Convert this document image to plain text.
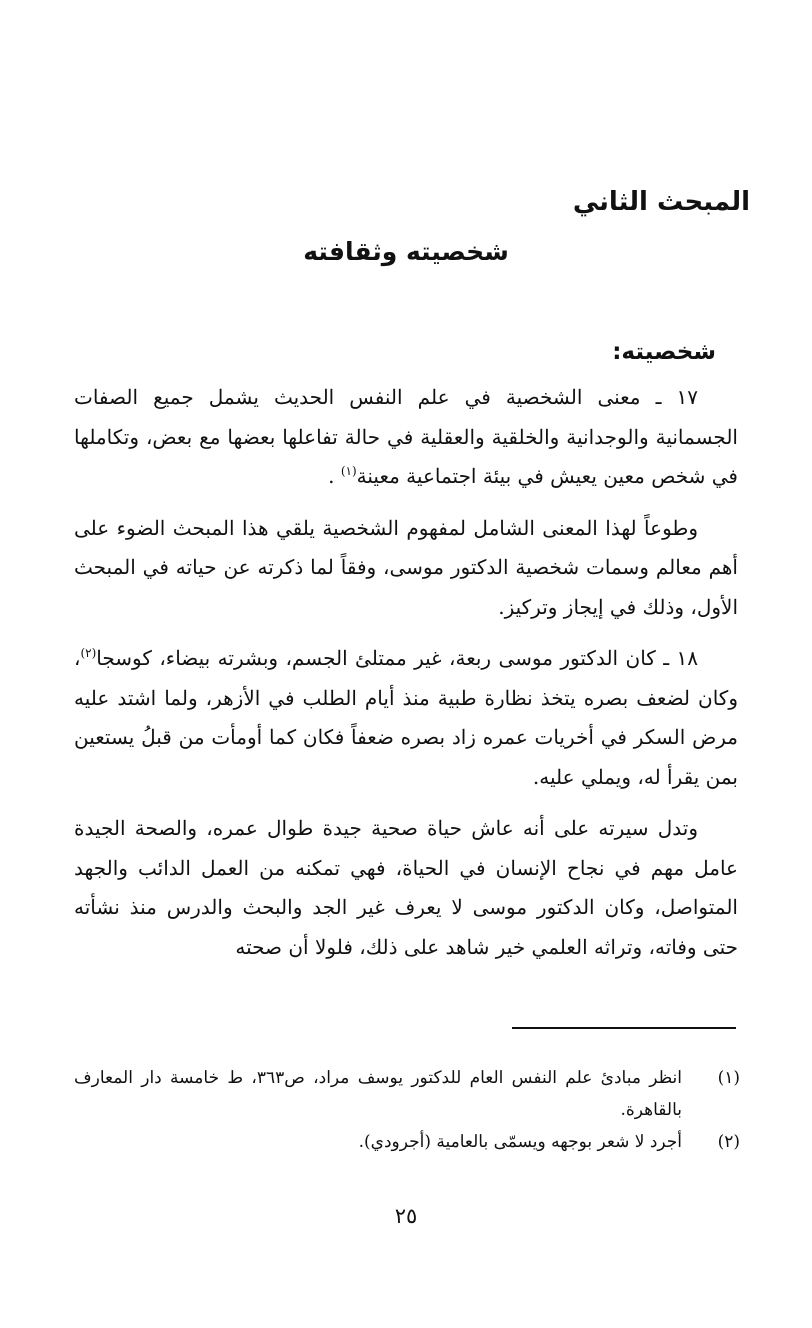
المبحث الثاني
شخصيته وثقافته
شخصيته:

١٧ ـ معنى الشخصية في علم النفس الحديث يشمل جميع الصفات الجسمانية والوجدانية والخلقية والعقلية في حالة تفاعلها بعضها مع بعض، وتكاملها في شخص معين يعيش في بيئة اجتماعية معينة$^{(١)}$ .

وطوعاً لهذا المعنى الشامل لمفهوم الشخصية يلقي هذا المبحث الضوء على أهم معالم وسمات شخصية الدكتور موسى، وفقاً لما ذكرته عن حياته في المبحث الأول، وذلك في إيجاز وتركيز.

١٨ ـ كان الدكتور موسى ربعة، غير ممتلئ الجسم، وبشرته بيضاء، كوسجا$^{(٢)}$، وكان لضعف بصره يتخذ نظارة طبية منذ أيام الطلب في الأزهر، ولما اشتد عليه مرض السكر في أخريات عمره زاد بصره ضعفاً فكان كما أومأت من قبلُ يستعين بمن يقرأ له، ويملي عليه.

وتدل سيرته على أنه عاش حياة صحية جيدة طوال عمره، والصحة الجيدة عامل مهم في نجاح الإنسان في الحياة، فهي تمكنه من العمل الدائب والجهد المتواصل، وكان الدكتور موسى لا يعرف غير الجد والبحث والدرس منذ نشأته حتى وفاته، وتراثه العلمي خير شاهد على ذلك، فلولا أن صحته

(١)
انظر مبادئ علم النفس العام للدكتور يوسف مراد، ص٣٦٣، ط خامسة دار المعارف بالقاهرة.
(٢)
أجرد لا شعر بوجهه ويسمّى بالعامية (أجرودي).
٢٥
